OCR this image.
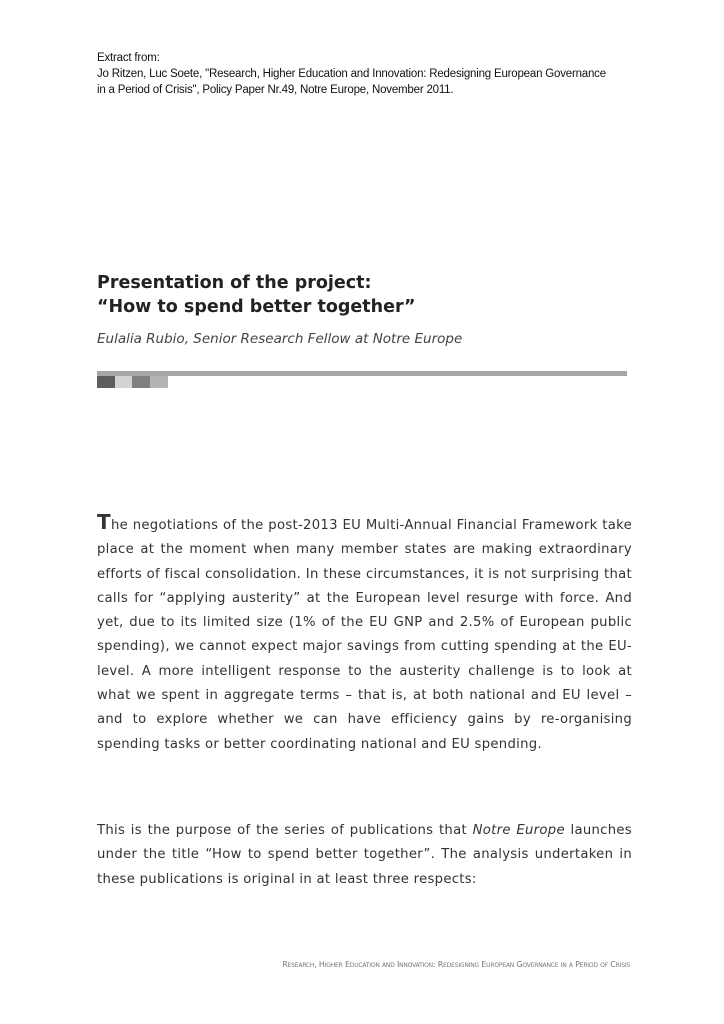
Extract from:
Jo Ritzen, Luc Soete, "Research, Higher Education and Innovation: Redesigning European Governance
in a Period of Crisis", Policy Paper Nr.49, Notre Europe, November 2011.
Presentation of the project:
“How to spend better together”
Eulalia Rubio, Senior Research Fellow at Notre Europe
The negotiations of the post-2013 EU Multi-Annual Financial Framework take place at the moment when many member states are making extraordinary efforts of fiscal consolidation. In these circumstances, it is not surprising that calls for “applying austerity” at the European level resurge with force. And yet, due to its limited size (1% of the EU GNP and 2.5% of European public spending), we cannot expect major savings from cutting spending at the EU-level. A more intelligent response to the austerity challenge is to look at what we spent in aggregate terms – that is, at both national and EU level – and to explore whether we can have efficiency gains by re-organising spending tasks or better coordinating national and EU spending.
This is the purpose of the series of publications that Notre Europe launches under the title “How to spend better together”. The analysis undertaken in these publications is original in at least three respects:
Research, Higher Education and Innovation: Redesigning European Governance in a Period of Crisis
